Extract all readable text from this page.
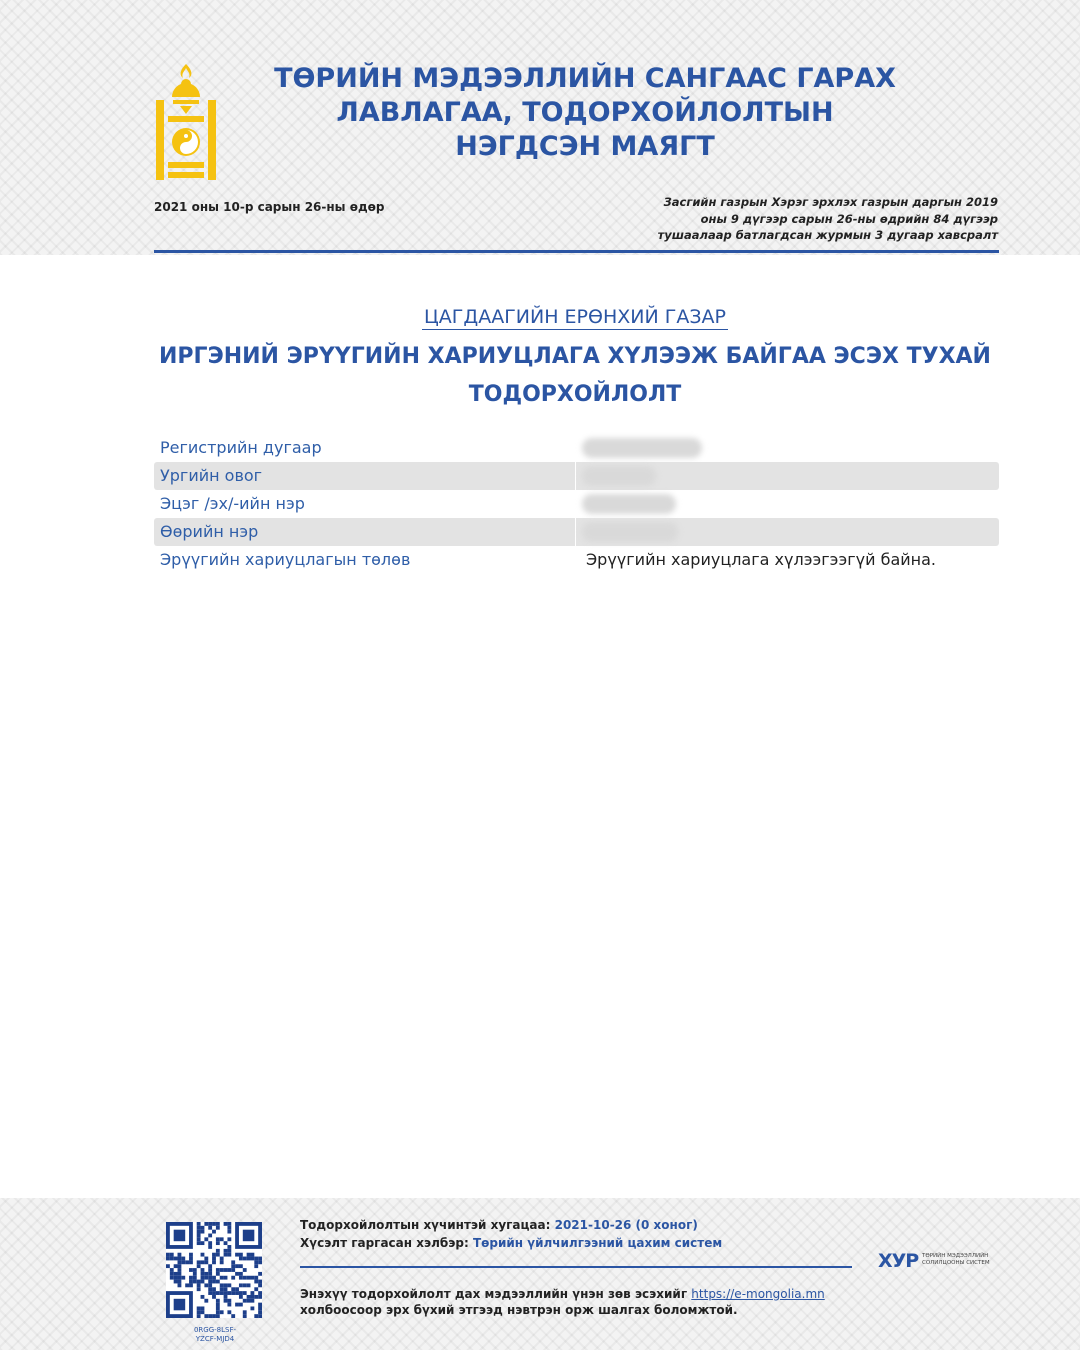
ТӨРИЙН МЭДЭЭЛЛИЙН САНГААС ГАРАХ
ЛАВЛАГАА, ТОДОРХОЙЛОЛТЫН
НЭГДСЭН МАЯГТ
2021 оны 10-р сарын 26-ны өдөр	Засгийн газрын Хэрэг эрхлэх газрын даргын 2019
оны 9 дүгээр сарын 26-ны өдрийн 84 дүгээр
тушаалаар батлагдсан журмын 3 дугаар хавсралт
ЦАГДААГИЙН ЕРӨНХИЙ ГАЗАР
ИРГЭНИЙ ЭРҮҮГИЙН ХАРИУЦЛАГА ХҮЛЭЭЖ БАЙГАА ЭСЭХ ТУХАЙ
ТОДОРХОЙЛОЛТ
Регистрийн дугаар
Ургийн овог
Эцэг /эх/-ийн нэр
Өөрийн нэр
Эрүүгийн хариуцлагын төлөв	Эрүүгийн хариуцлага хүлээгээгүй байна.
0RGG-8LSF-
YZCF-MJD4
Тодорхойлолтын хүчинтэй хугацаа: 2021-10-26 (0 хоног)
Хүсэлт гаргасан хэлбэр: Төрийн үйлчилгээний цахим систем
Энэхүү тодорхойлолт дах мэдээллийн үнэн зөв эсэхийг https://e-mongolia.mn
холбоосоор эрх бүхий этгээд нэвтрэн орж шалгах боломжтой.
ХУР ТӨРИЙН МЭДЭЭЛЛИЙН
СОЛИЛЦООНЫ СИСТЕМ
